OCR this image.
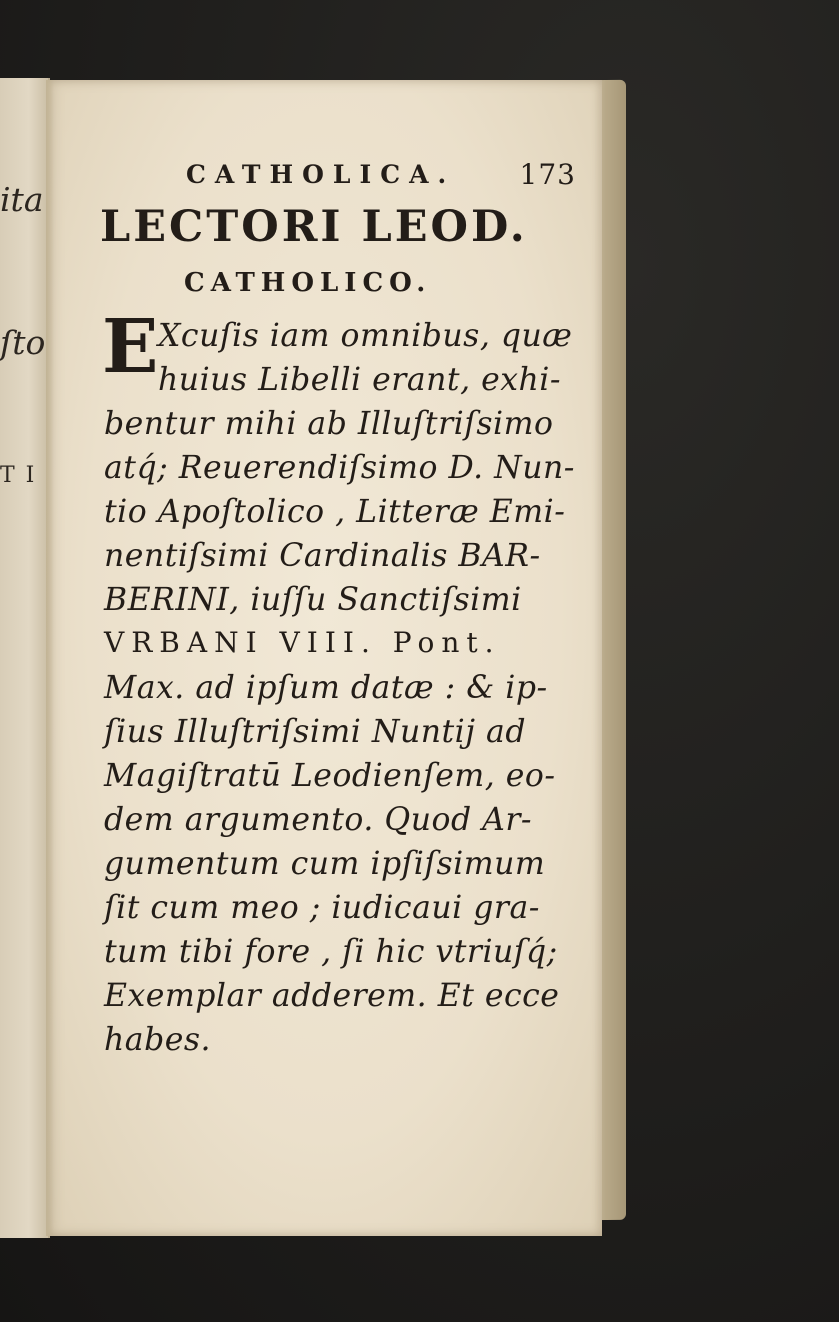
ita
ſto
T I
CATHOLICA. 173
LECTORI LEOD.
CATHOLICO.
E Xcuſis iam omnibus, quæ
huius Libelli erant, exhi-
bentur mihi ab Illuſtriſsimo
atq́; Reuerendiſsimo D. Nun-
tio Apoſtolico , Litteræ Emi-
nentiſsimi Cardinalis BAR-
BERINI, iuſſu Sanctiſsimi
VRBANI VIII. Pont.
Max. ad ipſum datæ : & ip-
ſius Illuſtriſsimi Nuntij ad
Magiſtratū Leodienſem, eo-
dem argumento. Quod Ar-
gumentum cum ipſiſsimum
ſit cum meo ; iudicaui gra-
tum tibi fore , ſi hic vtriuſq́;
Exemplar adderem. Et ecce
habes.
